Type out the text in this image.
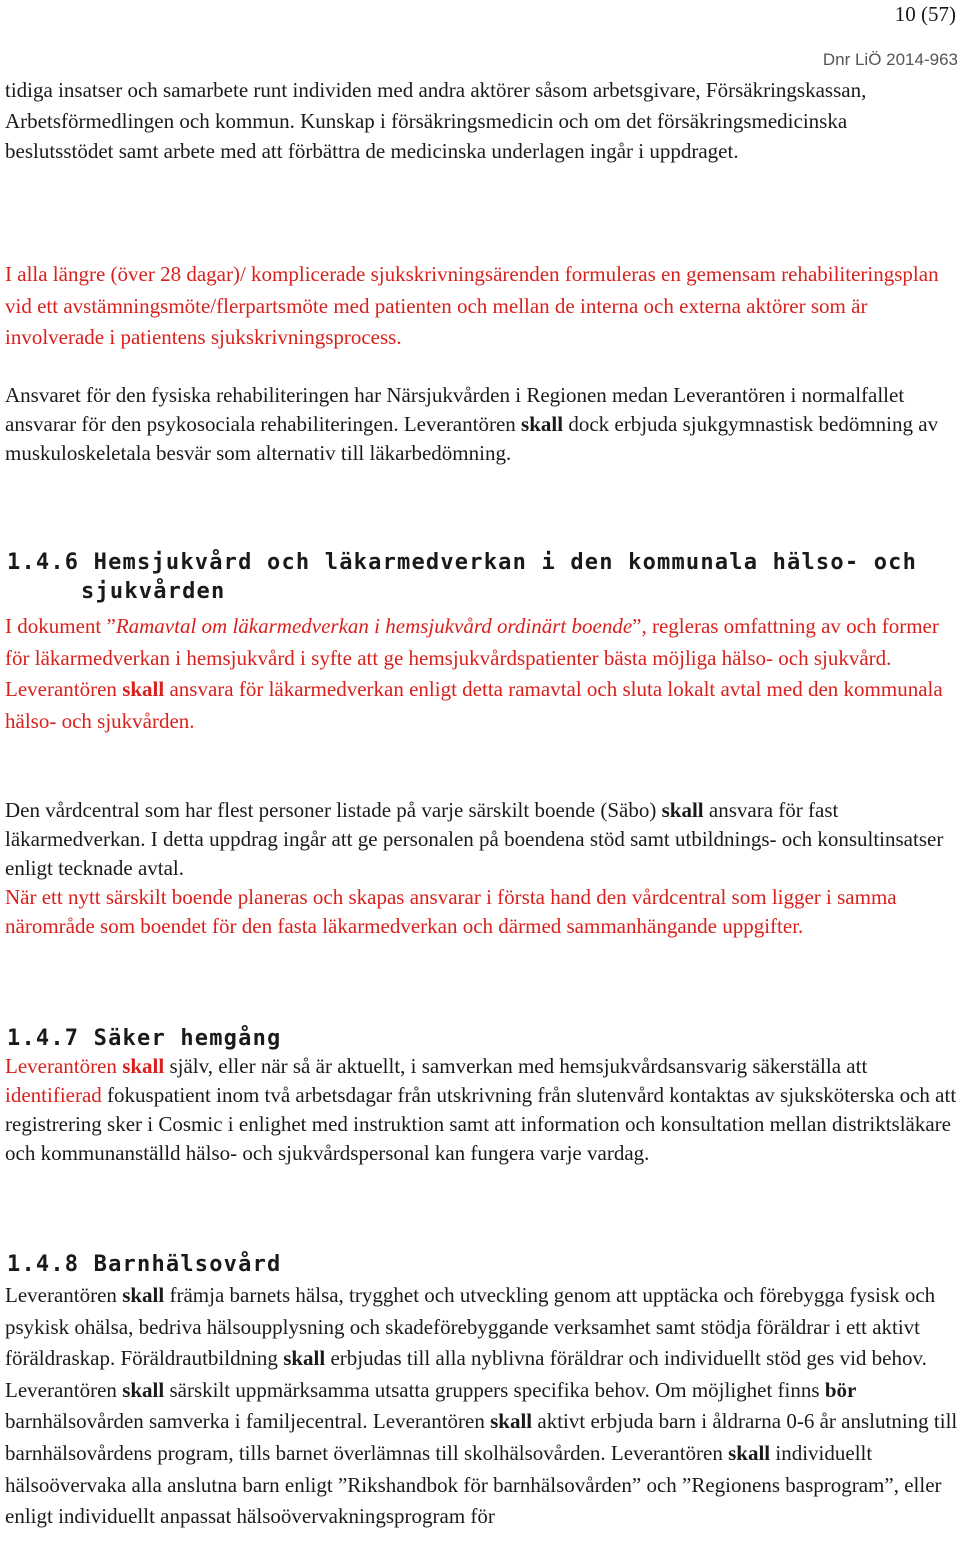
10 (57)
Dnr LiÖ 2014-963

tidiga insatser och samarbete runt individen med andra aktörer såsom arbetsgivare, Försäkringskassan, Arbetsförmedlingen och kommun. Kunskap i försäkringsmedicin och om det försäkringsmedicinska beslutsstödet samt arbete med att förbättra de medicinska underlagen ingår i uppdraget.

I alla längre (över 28 dagar)/ komplicerade sjukskrivningsärenden formuleras en gemensam rehabiliteringsplan vid ett avstämningsmöte/flerpartsmöte med patienten och mellan de interna och externa aktörer som är involverade i patientens sjukskrivningsprocess.

Ansvaret för den fysiska rehabiliteringen har Närsjukvården i Regionen medan Leverantören i normalfallet ansvarar för den psykosociala rehabiliteringen. Leverantören skall dock erbjuda sjukgymnastisk bedömning av muskuloskeletala besvär som alternativ till läkarbedömning.

1.4.6 Hemsjukvård och läkarmedverkan i den kommunala hälso- och
sjukvården

I dokument ”Ramavtal om läkarmedverkan i hemsjukvård ordinärt boende”, regleras omfattning av och former för läkarmedverkan i hemsjukvård i syfte att ge hemsjukvårdspatienter bästa möjliga hälso- och sjukvård. Leverantören skall ansvara för läkarmedverkan enligt detta ramavtal och sluta lokalt avtal med den kommunala hälso- och sjukvården.

Den vårdcentral som har flest personer listade på varje särskilt boende (Säbo) skall ansvara för fast läkarmedverkan. I detta uppdrag ingår att ge personalen på boendena stöd samt utbildnings- och konsultinsatser enligt tecknade avtal.
När ett nytt särskilt boende planeras och skapas ansvarar i första hand den vårdcentral som ligger i samma närområde som boendet för den fasta läkarmedverkan och därmed sammanhängande uppgifter.

1.4.7 Säker hemgång

Leverantören skall själv, eller när så är aktuellt, i samverkan med hemsjukvårdsansvarig säkerställa att identifierad fokuspatient inom två arbetsdagar från utskrivning från slutenvård kontaktas av sjuksköterska och att registrering sker i Cosmic i enlighet med instruktion samt att information och konsultation mellan distriktsläkare och kommunanställd hälso- och sjukvårdspersonal kan fungera varje vardag.

1.4.8 Barnhälsovård

Leverantören skall främja barnets hälsa, trygghet och utveckling genom att upptäcka och förebygga fysisk och psykisk ohälsa, bedriva hälsoupplysning och skadeförebyggande verksamhet samt stödja föräldrar i ett aktivt föräldraskap. Föräldrautbildning skall erbjudas till alla nyblivna föräldrar och individuellt stöd ges vid behov. Leverantören skall särskilt uppmärksamma utsatta gruppers specifika behov. Om möjlighet finns bör barnhälsovården samverka i familjecentral. Leverantören skall aktivt erbjuda barn i åldrarna 0-6 år anslutning till barnhälsovårdens program, tills barnet överlämnas till skolhälsovården. Leverantören skall individuellt hälsoövervaka alla anslutna barn enligt ”Rikshandbok för barnhälsovården” och ”Regionens basprogram”, eller enligt individuellt anpassat hälsoövervakningsprogram för
